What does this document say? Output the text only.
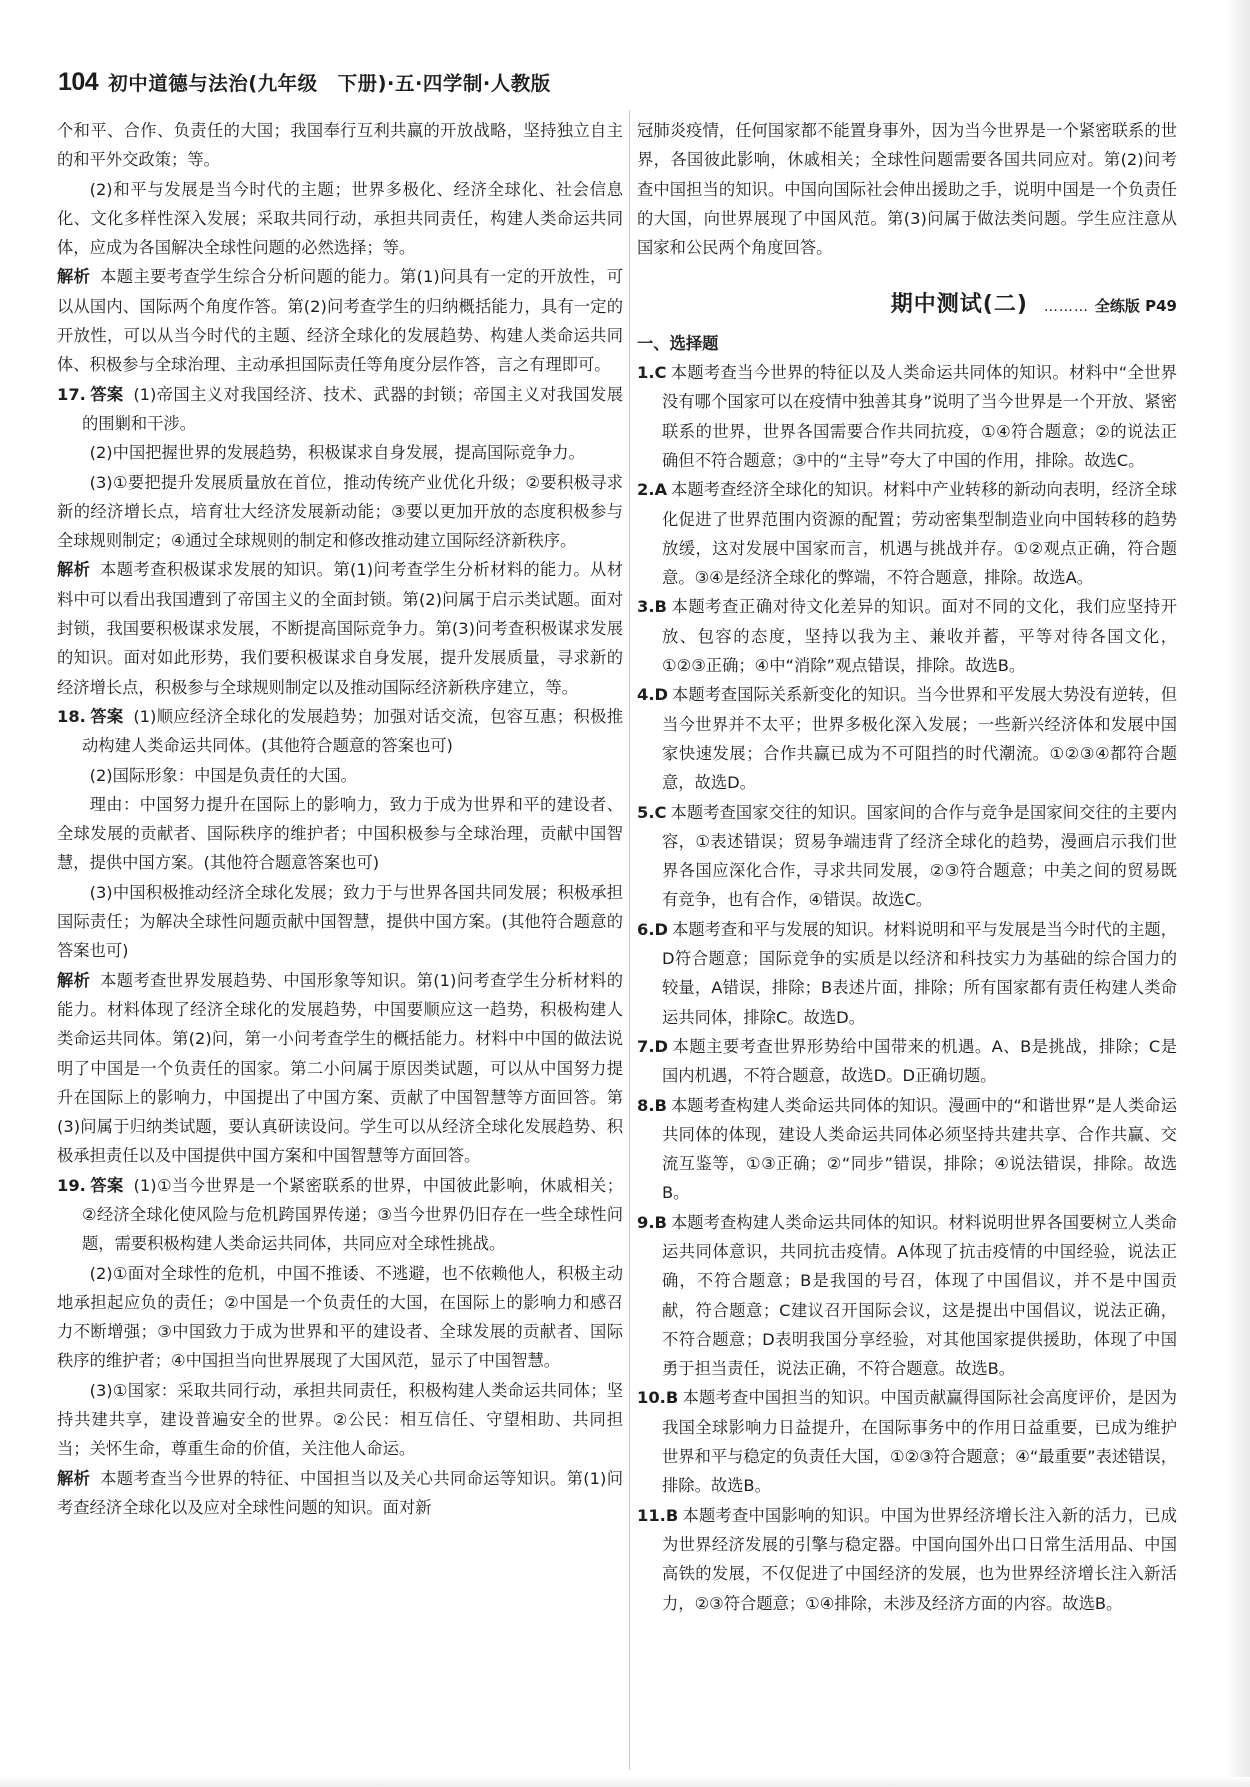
104 初中道德与法治(九年级　下册)·五·四学制·人教版

个和平、合作、负责任的大国；我国奉行互利共赢的开放战略，坚持独立自主的和平外交政策；等。

(2)和平与发展是当今时代的主题；世界多极化、经济全球化、社会信息化、文化多样性深入发展；采取共同行动，承担共同责任，构建人类命运共同体，应成为各国解决全球性问题的必然选择；等。

解析 本题主要考查学生综合分析问题的能力。第(1)问具有一定的开放性，可以从国内、国际两个角度作答。第(2)问考查学生的归纳概括能力，具有一定的开放性，可以从当今时代的主题、经济全球化的发展趋势、构建人类命运共同体、积极参与全球治理、主动承担国际责任等角度分层作答，言之有理即可。

17. 答案 (1)帝国主义对我国经济、技术、武器的封锁；帝国主义对我国发展的围剿和干涉。

(2)中国把握世界的发展趋势，积极谋求自身发展，提高国际竞争力。

(3)①要把提升发展质量放在首位，推动传统产业优化升级；②要积极寻求新的经济增长点，培育壮大经济发展新动能；③要以更加开放的态度积极参与全球规则制定；④通过全球规则的制定和修改推动建立国际经济新秩序。

解析 本题考查积极谋求发展的知识。第(1)问考查学生分析材料的能力。从材料中可以看出我国遭到了帝国主义的全面封锁。第(2)问属于启示类试题。面对封锁，我国要积极谋求发展，不断提高国际竞争力。第(3)问考查积极谋求发展的知识。面对如此形势，我们要积极谋求自身发展，提升发展质量，寻求新的经济增长点，积极参与全球规则制定以及推动国际经济新秩序建立，等。

18. 答案 (1)顺应经济全球化的发展趋势；加强对话交流，包容互惠；积极推动构建人类命运共同体。(其他符合题意的答案也可)

(2)国际形象：中国是负责任的大国。

理由：中国努力提升在国际上的影响力，致力于成为世界和平的建设者、全球发展的贡献者、国际秩序的维护者；中国积极参与全球治理，贡献中国智慧，提供中国方案。(其他符合题意答案也可)

(3)中国积极推动经济全球化发展；致力于与世界各国共同发展；积极承担国际责任；为解决全球性问题贡献中国智慧，提供中国方案。(其他符合题意的答案也可)

解析 本题考查世界发展趋势、中国形象等知识。第(1)问考查学生分析材料的能力。材料体现了经济全球化的发展趋势，中国要顺应这一趋势，积极构建人类命运共同体。第(2)问，第一小问考查学生的概括能力。材料中中国的做法说明了中国是一个负责任的国家。第二小问属于原因类试题，可以从中国努力提升在国际上的影响力，中国提出了中国方案、贡献了中国智慧等方面回答。第(3)问属于归纳类试题，要认真研读设问。学生可以从经济全球化发展趋势、积极承担责任以及中国提供中国方案和中国智慧等方面回答。

19. 答案 (1)①当今世界是一个紧密联系的世界，中国彼此影响，休戚相关；②经济全球化使风险与危机跨国界传递；③当今世界仍旧存在一些全球性问题，需要积极构建人类命运共同体，共同应对全球性挑战。

(2)①面对全球性的危机，中国不推诿、不逃避，也不依赖他人，积极主动地承担起应负的责任；②中国是一个负责任的大国，在国际上的影响力和感召力不断增强；③中国致力于成为世界和平的建设者、全球发展的贡献者、国际秩序的维护者；④中国担当向世界展现了大国风范，显示了中国智慧。

(3)①国家：采取共同行动，承担共同责任，积极构建人类命运共同体；坚持共建共享，建设普遍安全的世界。②公民：相互信任、守望相助、共同担当；关怀生命，尊重生命的价值，关注他人命运。

解析 本题考查当今世界的特征、中国担当以及关心共同命运等知识。第(1)问考查经济全球化以及应对全球性问题的知识。面对新

冠肺炎疫情，任何国家都不能置身事外，因为当今世界是一个紧密联系的世界，各国彼此影响，休戚相关；全球性问题需要各国共同应对。第(2)问考查中国担当的知识。中国向国际社会伸出援助之手，说明中国是一个负责任的大国，向世界展现了中国风范。第(3)问属于做法类问题。学生应注意从国家和公民两个角度回答。

期中测试(二) ……… 全练版 P49

一、选择题

1.C 本题考查当今世界的特征以及人类命运共同体的知识。材料中“全世界没有哪个国家可以在疫情中独善其身”说明了当今世界是一个开放、紧密联系的世界，世界各国需要合作共同抗疫，①④符合题意；②的说法正确但不符合题意；③中的“主导”夸大了中国的作用，排除。故选C。

2.A 本题考查经济全球化的知识。材料中产业转移的新动向表明，经济全球化促进了世界范围内资源的配置；劳动密集型制造业向中国转移的趋势放缓，这对发展中国家而言，机遇与挑战并存。①②观点正确，符合题意。③④是经济全球化的弊端，不符合题意，排除。故选A。

3.B 本题考查正确对待文化差异的知识。面对不同的文化，我们应坚持开放、包容的态度，坚持以我为主、兼收并蓄，平等对待各国文化，①②③正确；④中“消除”观点错误，排除。故选B。

4.D 本题考查国际关系新变化的知识。当今世界和平发展大势没有逆转，但当今世界并不太平；世界多极化深入发展；一些新兴经济体和发展中国家快速发展；合作共赢已成为不可阻挡的时代潮流。①②③④都符合题意，故选D。

5.C 本题考查国家交往的知识。国家间的合作与竞争是国家间交往的主要内容，①表述错误；贸易争端违背了经济全球化的趋势，漫画启示我们世界各国应深化合作，寻求共同发展，②③符合题意；中美之间的贸易既有竞争，也有合作，④错误。故选C。

6.D 本题考查和平与发展的知识。材料说明和平与发展是当今时代的主题，D符合题意；国际竞争的实质是以经济和科技实力为基础的综合国力的较量，A错误，排除；B表述片面，排除；所有国家都有责任构建人类命运共同体，排除C。故选D。

7.D 本题主要考查世界形势给中国带来的机遇。A、B是挑战，排除；C是国内机遇，不符合题意，故选D。D正确切题。

8.B 本题考查构建人类命运共同体的知识。漫画中的“和谐世界”是人类命运共同体的体现，建设人类命运共同体必须坚持共建共享、合作共赢、交流互鉴等，①③正确；②“同步”错误，排除；④说法错误，排除。故选B。

9.B 本题考查构建人类命运共同体的知识。材料说明世界各国要树立人类命运共同体意识，共同抗击疫情。A体现了抗击疫情的中国经验，说法正确，不符合题意；B是我国的号召，体现了中国倡议，并不是中国贡献，符合题意；C建议召开国际会议，这是提出中国倡议，说法正确，不符合题意；D表明我国分享经验，对其他国家提供援助，体现了中国勇于担当责任，说法正确，不符合题意。故选B。

10.B 本题考查中国担当的知识。中国贡献赢得国际社会高度评价，是因为我国全球影响力日益提升，在国际事务中的作用日益重要，已成为维护世界和平与稳定的负责任大国，①②③符合题意；④“最重要”表述错误，排除。故选B。

11.B 本题考查中国影响的知识。中国为世界经济增长注入新的活力，已成为世界经济发展的引擎与稳定器。中国向国外出口日常生活用品、中国高铁的发展，不仅促进了中国经济的发展，也为世界经济增长注入新活力，②③符合题意；①④排除，未涉及经济方面的内容。故选B。
